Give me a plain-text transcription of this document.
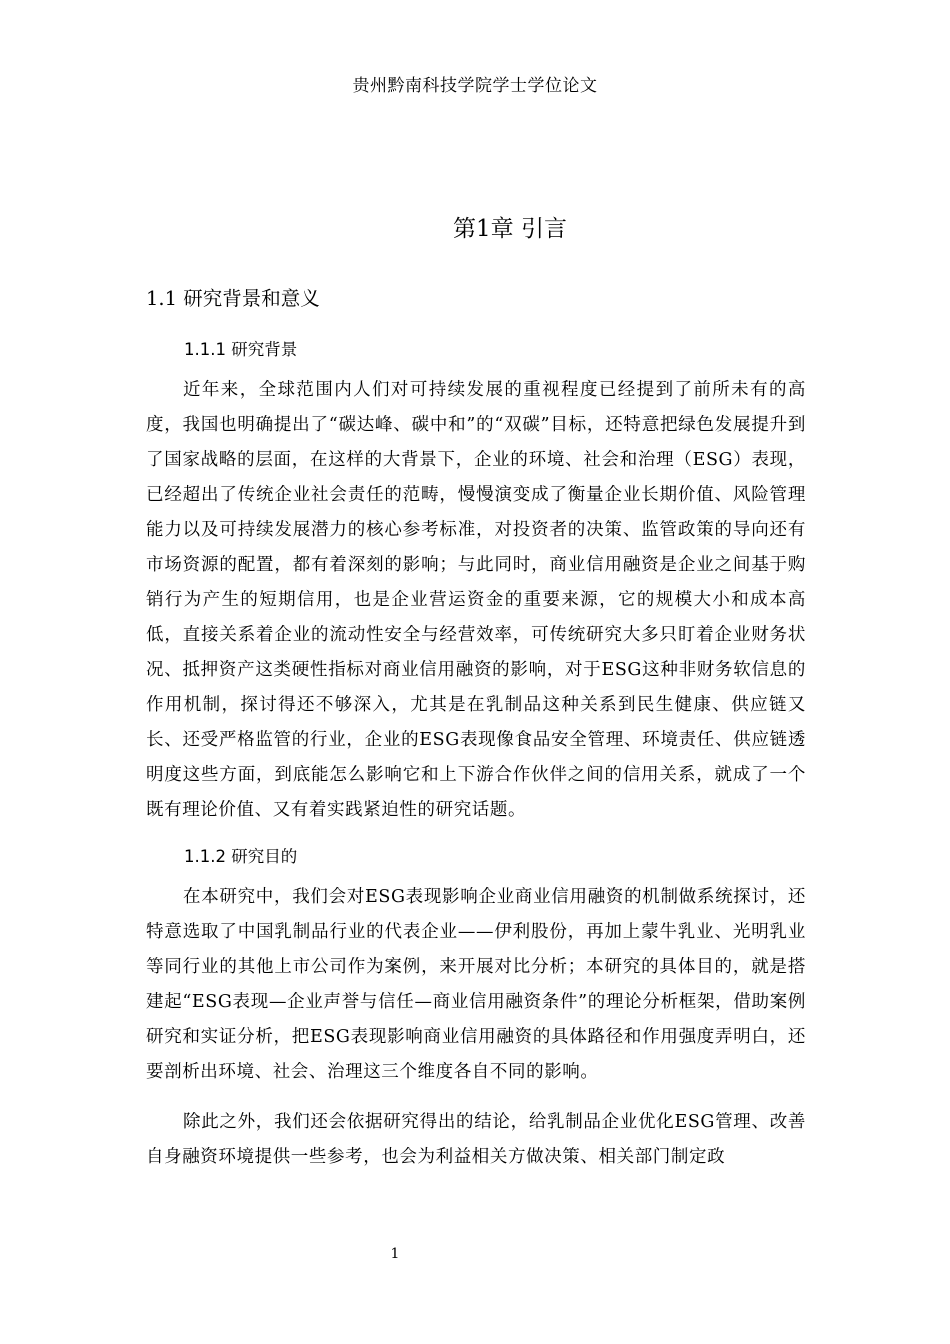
贵州黔南科技学院学士学位论文
第1章 引言
1.1 研究背景和意义
1.1.1 研究背景

近年来，全球范围内人们对可持续发展的重视程度已经提到了前所未有的高度，我国也明确提出了“碳达峰、碳中和”的“双碳”目标，还特意把绿色发展提升到了国家战略的层面，在这样的大背景下，企业的环境、社会和治理（ESG）表现，已经超出了传统企业社会责任的范畴，慢慢演变成了衡量企业长期价值、风险管理能力以及可持续发展潜力的核心参考标准，对投资者的决策、监管政策的导向还有市场资源的配置，都有着深刻的影响；与此同时，商业信用融资是企业之间基于购销行为产生的短期信用，也是企业营运资金的重要来源，它的规模大小和成本高低，直接关系着企业的流动性安全与经营效率，可传统研究大多只盯着企业财务状况、抵押资产这类硬性指标对商业信用融资的影响，对于ESG这种非财务软信息的作用机制，探讨得还不够深入，尤其是在乳制品这种关系到民生健康、供应链又长、还受严格监管的行业，企业的ESG表现像食品安全管理、环境责任、供应链透明度这些方面，到底能怎么影响它和上下游合作伙伴之间的信用关系，就成了一个既有理论价值、又有着实践紧迫性的研究话题。

1.1.2 研究目的

在本研究中，我们会对ESG表现影响企业商业信用融资的机制做系统探讨，还特意选取了中国乳制品行业的代表企业——伊利股份，再加上蒙牛乳业、光明乳业等同行业的其他上市公司作为案例，来开展对比分析；本研究的具体目的，就是搭建起“ESG表现—企业声誉与信任—商业信用融资条件”的理论分析框架，借助案例研究和实证分析，把ESG表现影响商业信用融资的具体路径和作用强度弄明白，还要剖析出环境、社会、治理这三个维度各自不同的影响。

除此之外，我们还会依据研究得出的结论，给乳制品企业优化ESG管理、改善自身融资环境提供一些参考，也会为利益相关方做决策、相关部门制定政

1
